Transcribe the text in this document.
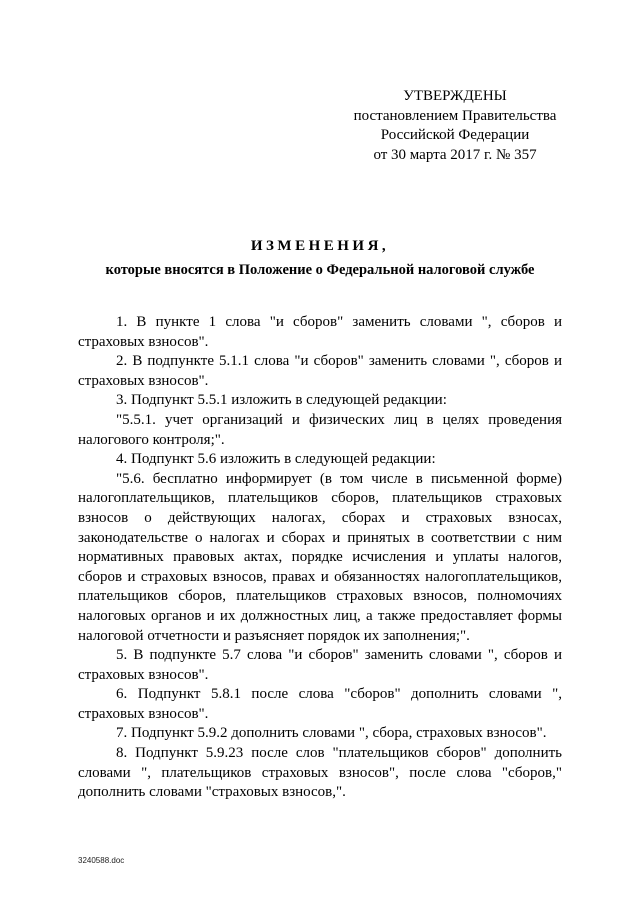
УТВЕРЖДЕНЫ
постановлением Правительства
Российской Федерации
от 30 марта 2017 г. № 357
ИЗМЕНЕНИЯ,
которые вносятся в Положение о Федеральной налоговой службе

1. В пункте 1 слова "и сборов" заменить словами ", сборов и страховых взносов".

2. В подпункте 5.1.1 слова "и сборов" заменить словами ", сборов и страховых взносов".

3. Подпункт 5.5.1 изложить в следующей редакции:

"5.5.1. учет организаций и физических лиц в целях проведения налогового контроля;".

4. Подпункт 5.6 изложить в следующей редакции:

"5.6. бесплатно информирует (в том числе в письменной форме) налогоплательщиков, плательщиков сборов, плательщиков страховых взносов о действующих налогах, сборах и страховых взносах, законодательстве о налогах и сборах и принятых в соответствии с ним нормативных правовых актах, порядке исчисления и уплаты налогов, сборов и страховых взносов, правах и обязанностях налогоплательщиков, плательщиков сборов, плательщиков страховых взносов, полномочиях налоговых органов и их должностных лиц, а также предоставляет формы налоговой отчетности и разъясняет порядок их заполнения;".

5. В подпункте 5.7 слова "и сборов" заменить словами ", сборов и страховых взносов".

6. Подпункт 5.8.1 после слова "сборов" дополнить словами ", страховых взносов".

7. Подпункт 5.9.2 дополнить словами ", сбора, страховых взносов".

8. Подпункт 5.9.23 после слов "плательщиков сборов" дополнить словами ", плательщиков страховых взносов", после слова "сборов," дополнить словами "страховых взносов,".

3240588.doc
